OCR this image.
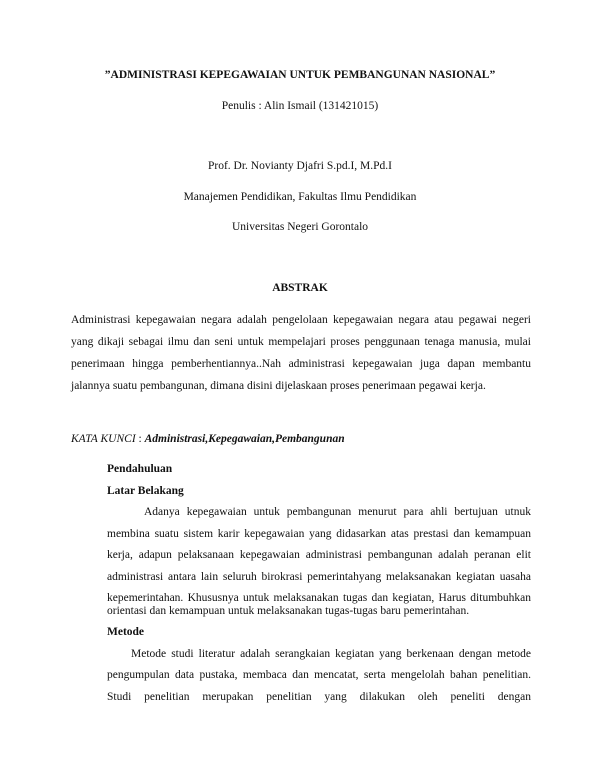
”ADMINISTRASI KEPEGAWAIAN UNTUK PEMBANGUNAN NASIONAL”
Penulis : Alin Ismail (131421015)
Prof. Dr. Novianty Djafri S.pd.I, M.Pd.I
Manajemen Pendidikan, Fakultas Ilmu Pendidikan
Universitas Negeri Gorontalo
ABSTRAK
Administrasi kepegawaian negara adalah pengelolaan kepegawaian negara atau pegawai negeri
yang dikaji sebagai ilmu dan seni untuk mempelajari proses penggunaan tenaga manusia, mulai
penerimaan hingga pemberhentiannya..Nah administrasi kepegawaian juga dapan membantu
jalannya suatu pembangunan, dimana disini dijelaskaan proses penerimaan pegawai kerja.
KATA KUNCI : Administrasi,Kepegawaian,Pembangunan
Pendahuluan
Latar Belakang
Adanya kepegawaian untuk pembangunan menurut para ahli bertujuan utnuk
membina suatu sistem karir kepegawaian yang didasarkan atas prestasi dan kemampuan
kerja, adapun pelaksanaan kepegawaian administrasi pembangunan adalah peranan elit
administrasi antara lain seluruh birokrasi pemerintahyang melaksanakan kegiatan uasaha
kepemerintahan. Khususnya untuk melaksanakan tugas dan kegiatan, Harus ditumbuhkan
orientasi dan kemampuan untuk melaksanakan tugas-tugas baru pemerintahan.
Metode
Metode studi literatur adalah serangkaian kegiatan yang berkenaan dengan metode
pengumpulan data pustaka, membaca dan mencatat, serta mengelolah bahan penelitian.
Studi penelitian merupakan penelitian yang dilakukan oleh peneliti dengan
